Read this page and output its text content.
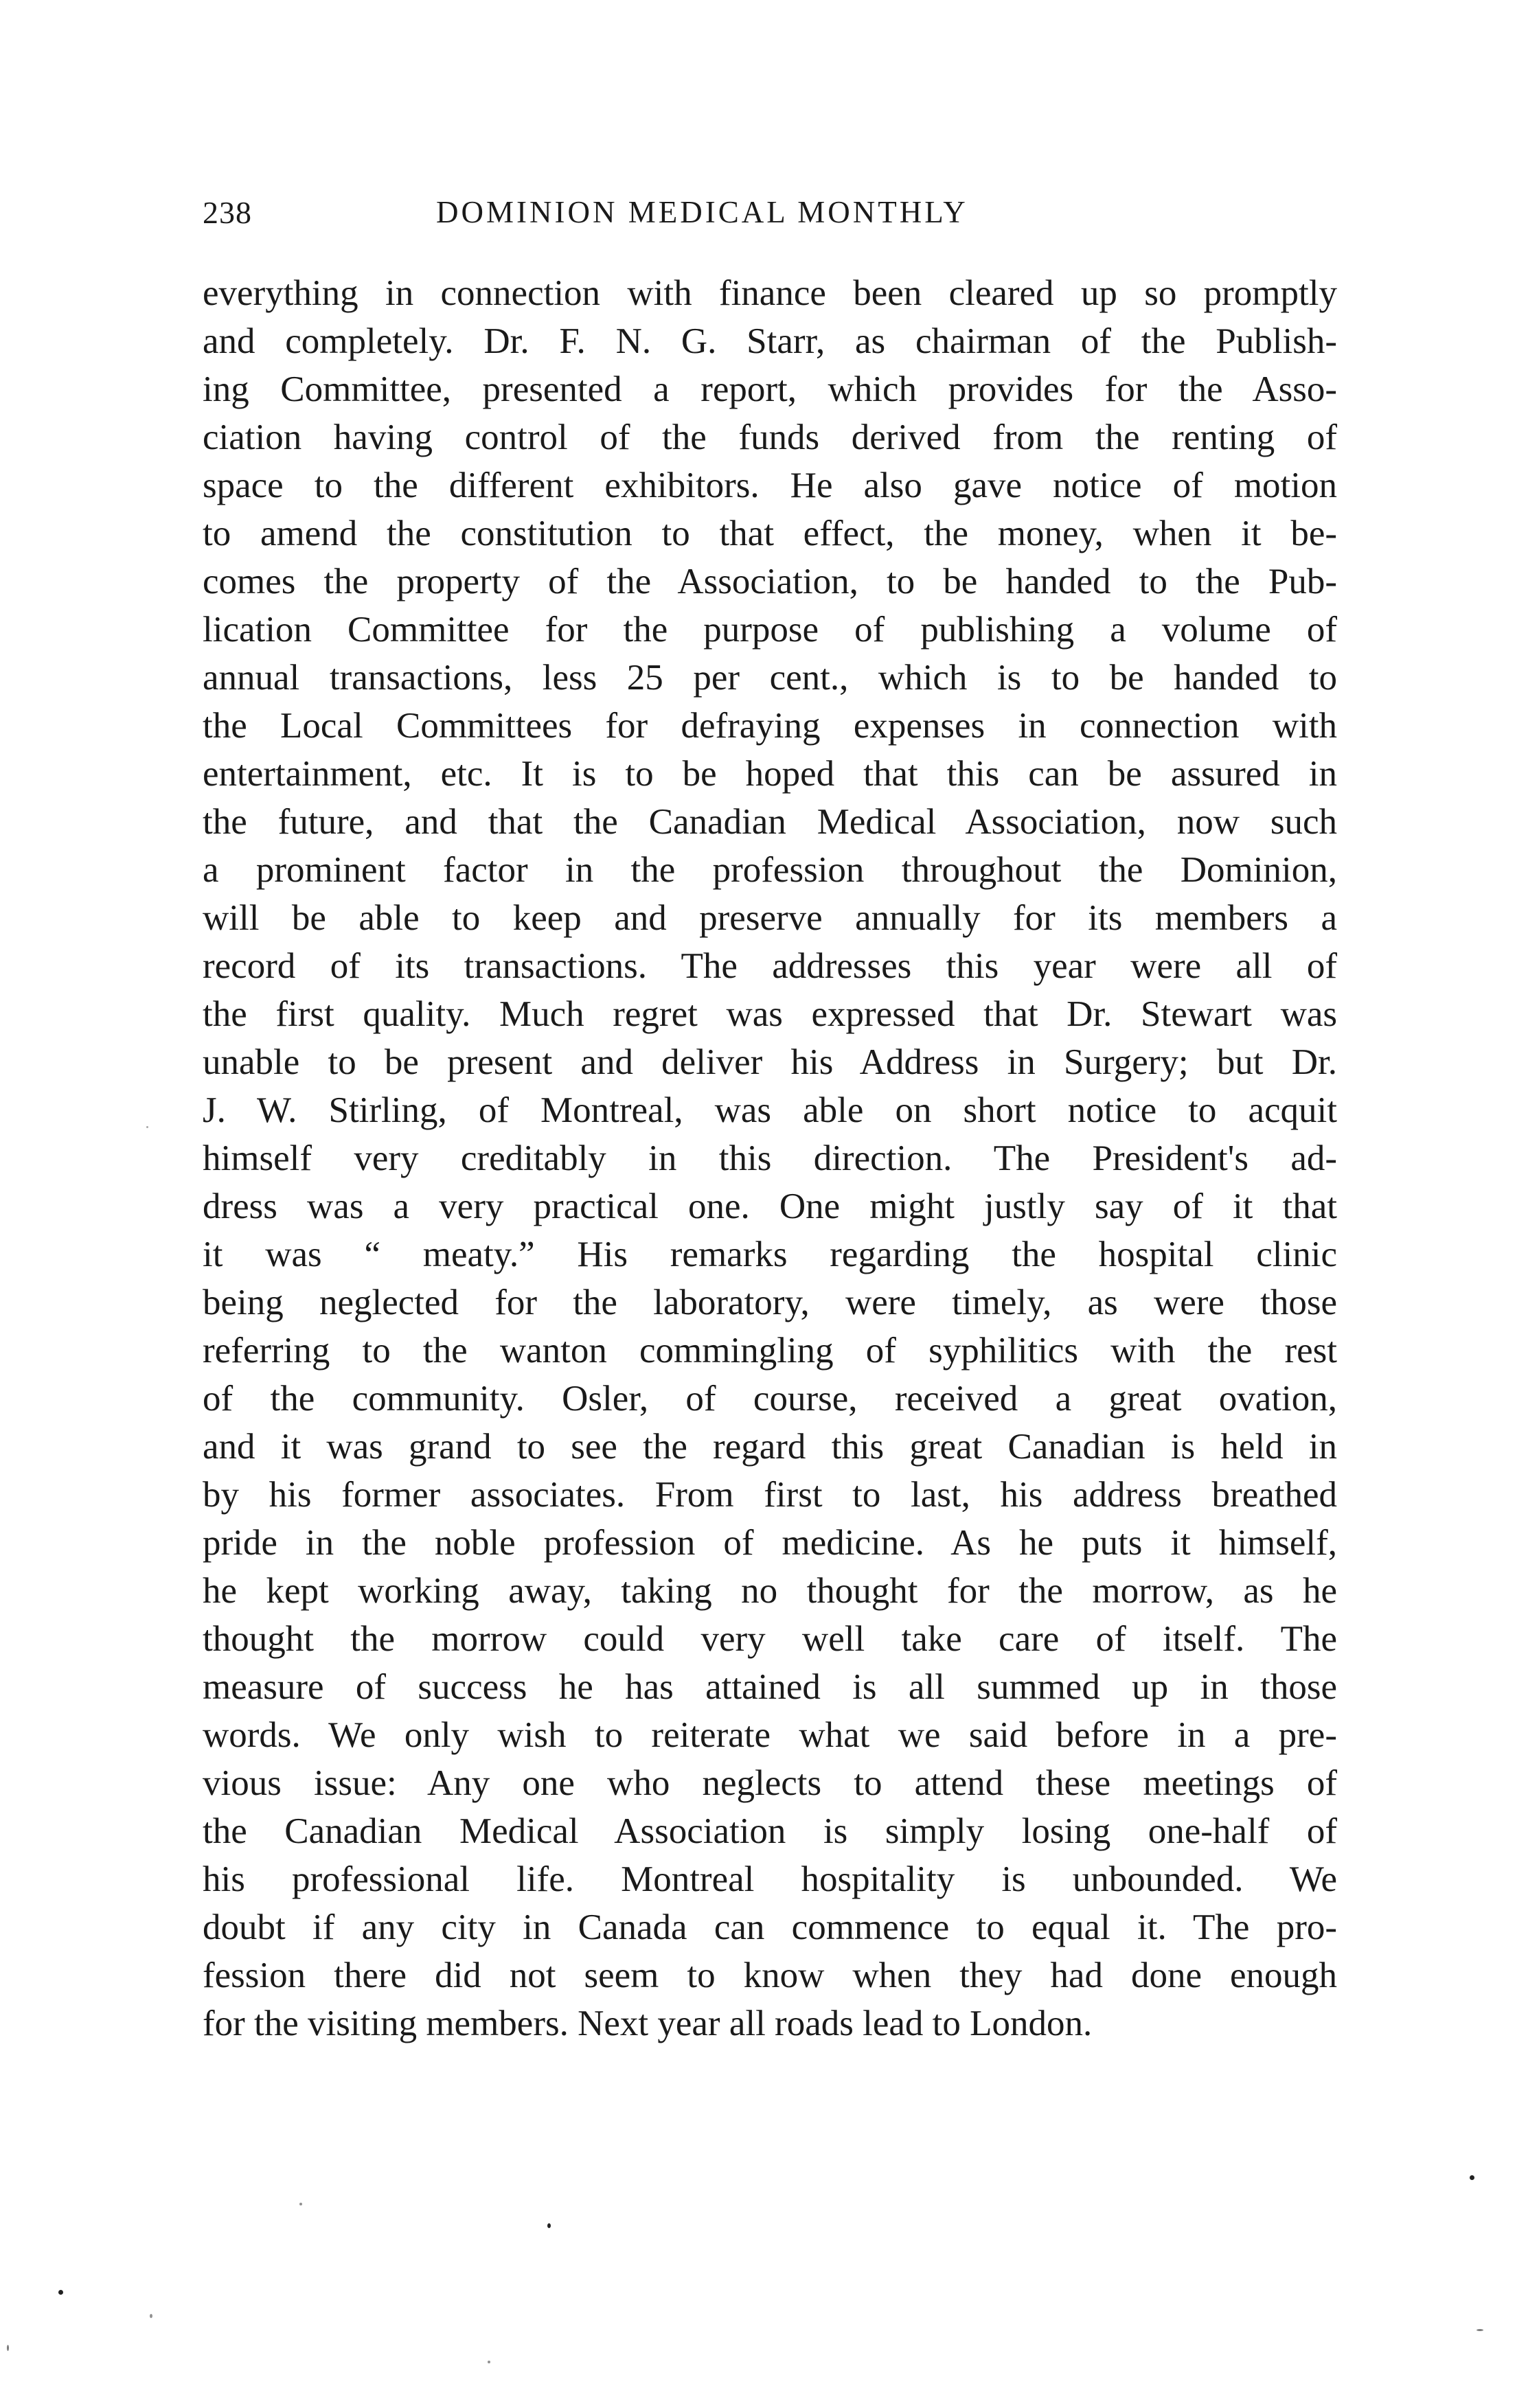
238	DOMINION MEDICAL MONTHLY
everything in connection with finance been cleared up so promptly
and completely. Dr. F. N. G. Starr, as chairman of the Publish-
ing Committee, presented a report, which provides for the Asso-
ciation having control of the funds derived from the renting of
space to the different exhibitors. He also gave notice of motion
to amend the constitution to that effect, the money, when it be-
comes the property of the Association, to be handed to the Pub-
lication Committee for the purpose of publishing a volume of
annual transactions, less 25 per cent., which is to be handed to
the Local Committees for defraying expenses in connection with
entertainment, etc. It is to be hoped that this can be assured in
the future, and that the Canadian Medical Association, now such
a prominent factor in the profession throughout the Dominion,
will be able to keep and preserve annually for its members a
record of its transactions. The addresses this year were all of
the first quality. Much regret was expressed that Dr. Stewart was
unable to be present and deliver his Address in Surgery; but Dr.
J. W. Stirling, of Montreal, was able on short notice to acquit
himself very creditably in this direction. The President's ad-
dress was a very practical one. One might justly say of it that
it was “ meaty.” His remarks regarding the hospital clinic
being neglected for the laboratory, were timely, as were those
referring to the wanton commingling of syphilitics with the rest
of the community. Osler, of course, received a great ovation,
and it was grand to see the regard this great Canadian is held in
by his former associates. From first to last, his address breathed
pride in the noble profession of medicine. As he puts it himself,
he kept working away, taking no thought for the morrow, as he
thought the morrow could very well take care of itself. The
measure of success he has attained is all summed up in those
words. We only wish to reiterate what we said before in a pre-
vious issue: Any one who neglects to attend these meetings of
the Canadian Medical Association is simply losing one-half of
his professional life. Montreal hospitality is unbounded. We
doubt if any city in Canada can commence to equal it. The pro-
fession there did not seem to know when they had done enough
for the visiting members. Next year all roads lead to London.
